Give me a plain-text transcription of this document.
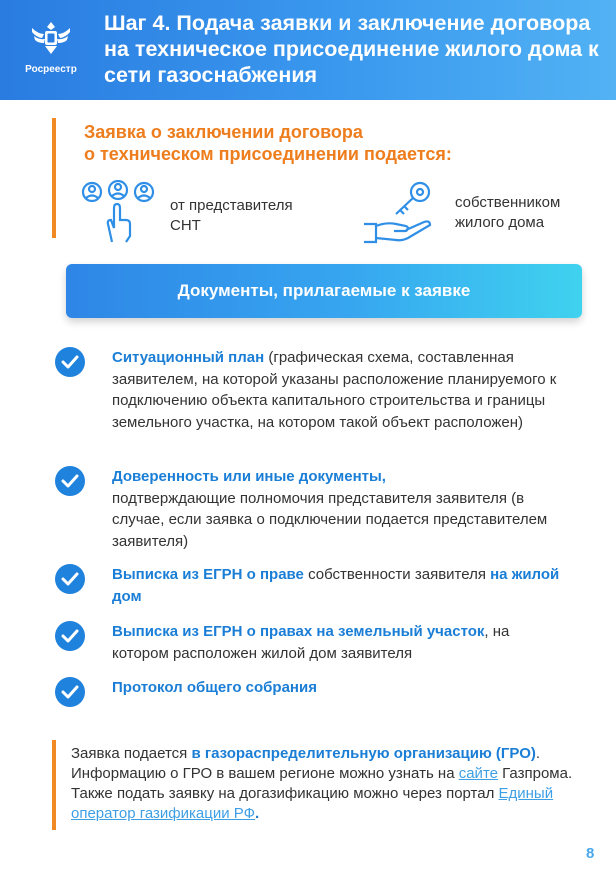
Росреестр
Шаг 4. Подача заявки и заключение договора на техническое присоединение жилого дома к сети газоснабжения
Заявка о заключении договора
о техническом присоединении подается:
от представителя
СНТ
собственником
жилого дома
Документы, прилагаемые к заявке
Ситуационный план (графическая схема, составленная заявителем, на которой указаны расположение планируемого к подключению объекта капитального строительства и границы земельного участка, на котором такой объект расположен)
Доверенность или иные документы,
подтверждающие полномочия представителя заявителя (в случае, если заявка о подключении подается представителем заявителя)
Выписка из ЕГРН о праве собственности заявителя на жилой дом
Выписка из ЕГРН о правах на земельный участок, на котором расположен жилой дом заявителя
Протокол общего собрания
Заявка подается в газораспределительную организацию (ГРО). Информацию о ГРО в вашем регионе можно узнать на сайте Газпрома. Также подать заявку на догазификацию можно через портал Единый оператор газификации РФ.
8
